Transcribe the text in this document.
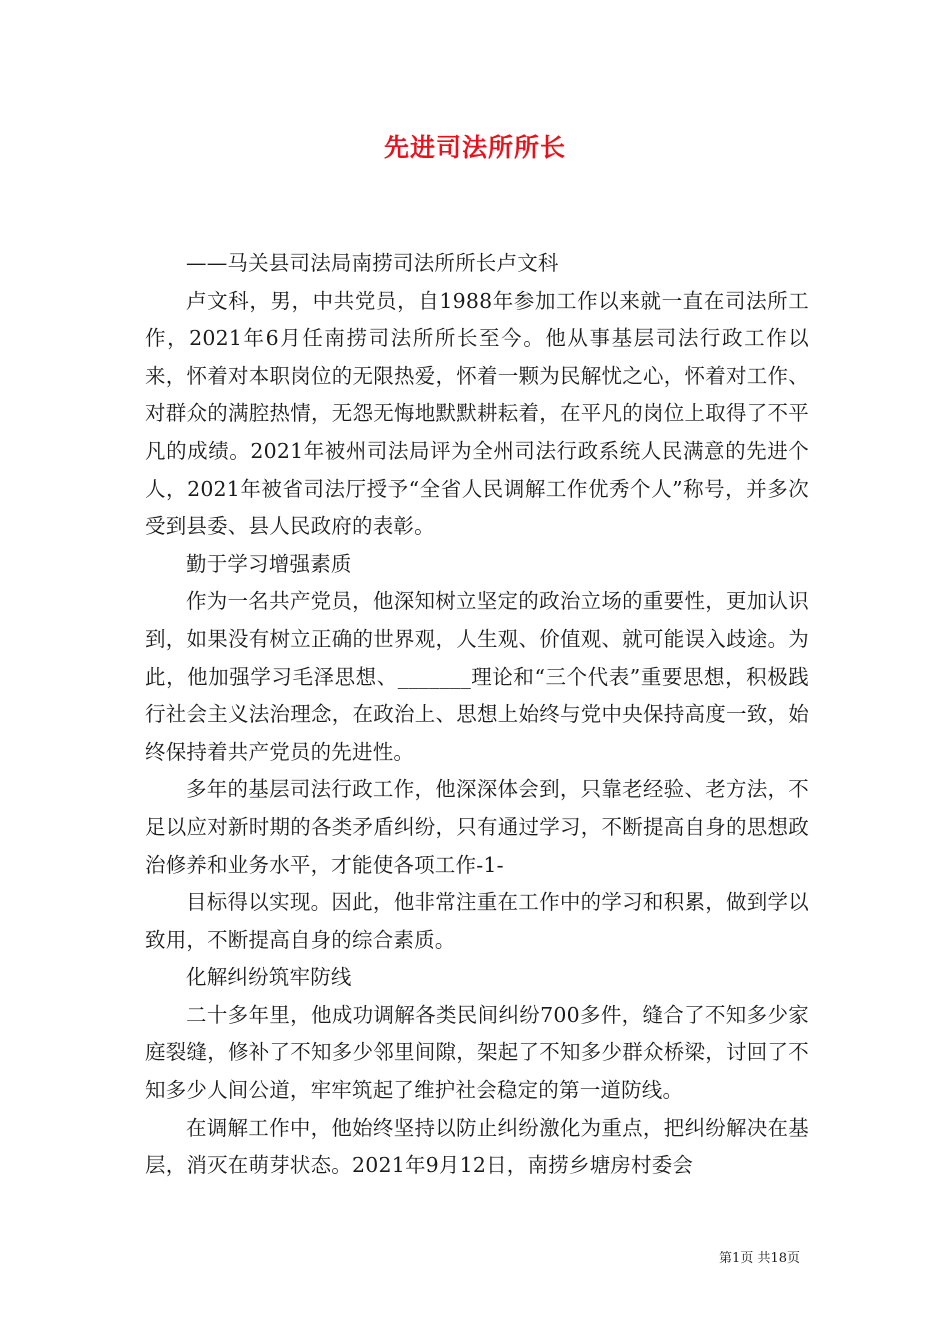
先进司法所所长

——马关县司法局南捞司法所所长卢文科

卢文科，男，中共党员，自1988年参加工作以来就一直在司法所工作，2021年6月任南捞司法所所长至今。他从事基层司法行政工作以来，怀着对本职岗位的无限热爱，怀着一颗为民解忧之心，怀着对工作、对群众的满腔热情，无怨无悔地默默耕耘着，在平凡的岗位上取得了不平凡的成绩。2021年被州司法局评为全州司法行政系统人民满意的先进个人，2021年被省司法厅授予“全省人民调解工作优秀个人”称号，并多次受到县委、县人民政府的表彰。

勤于学习增强素质

作为一名共产党员，他深知树立坚定的政治立场的重要性，更加认识到，如果没有树立正确的世界观，人生观、价值观、就可能误入歧途。为此，他加强学习毛泽思想、_______理论和“三个代表”重要思想，积极践行社会主义法治理念，在政治上、思想上始终与党中央保持高度一致，始终保持着共产党员的先进性。

多年的基层司法行政工作，他深深体会到，只靠老经验、老方法，不足以应对新时期的各类矛盾纠纷，只有通过学习，不断提高自身的思想政治修养和业务水平，才能使各项工作-1-

目标得以实现。因此，他非常注重在工作中的学习和积累，做到学以致用，不断提高自身的综合素质。

化解纠纷筑牢防线

二十多年里，他成功调解各类民间纠纷700多件，缝合了不知多少家庭裂缝，修补了不知多少邻里间隙，架起了不知多少群众桥梁，讨回了不知多少人间公道，牢牢筑起了维护社会稳定的第一道防线。

在调解工作中，他始终坚持以防止纠纷激化为重点，把纠纷解决在基层，消灭在萌芽状态。2021年9月12日，南捞乡塘房村委会

第1页 共18页
